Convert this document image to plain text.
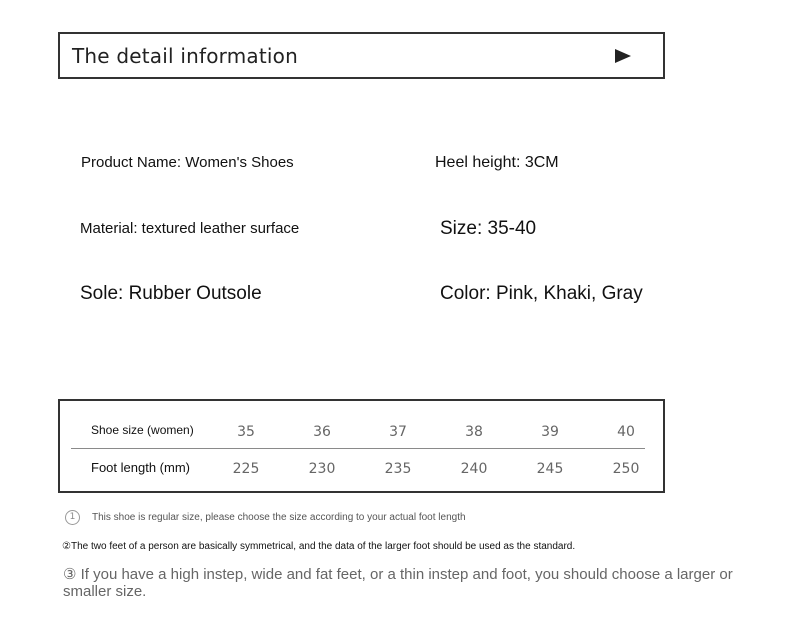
The detail information
Product Name: Women's Shoes	Heel height: 3CM
Material: textured leather surface	Size: 35-40
Sole: Rubber Outsole	Color: Pink, Khaki, Gray
Shoe size (women)	35	36	37	38	39	40
Foot length (mm)	225	230	235	240	245	250
1 This shoe is regular size, please choose the size according to your actual foot length
②The two feet of a person are basically symmetrical, and the data of the larger foot should be used as the standard.
③ If you have a high instep, wide and fat feet, or a thin instep and foot, you should choose a larger or smaller size.
